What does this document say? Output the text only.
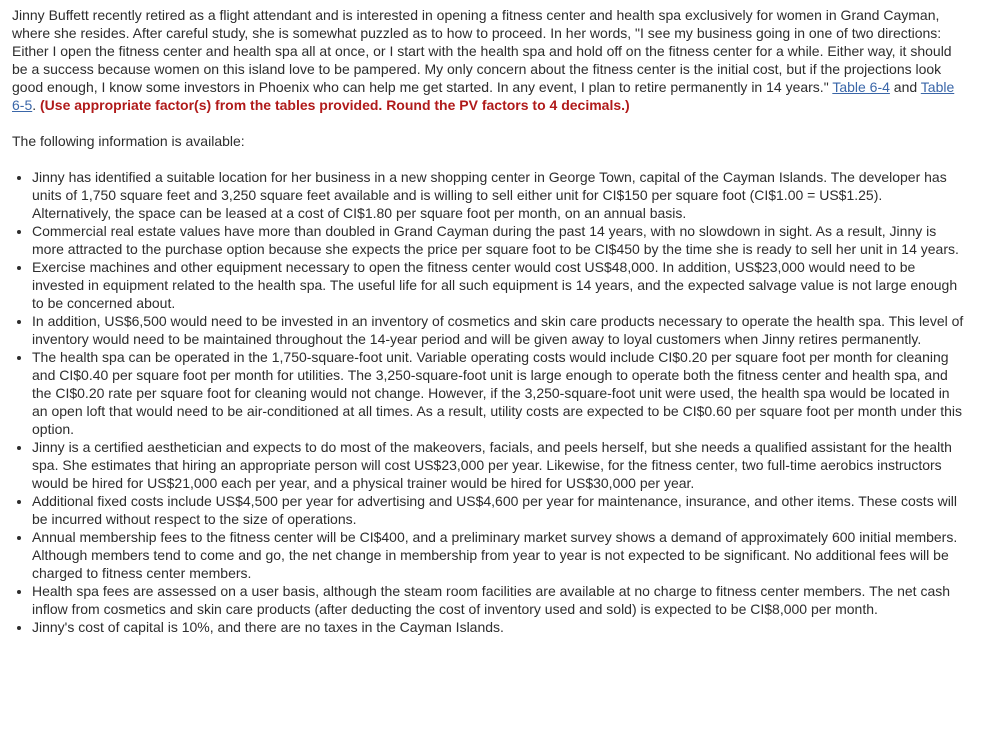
Jinny Buffett recently retired as a flight attendant and is interested in opening a fitness center and health spa exclusively for women in Grand Cayman, where she resides. After careful study, she is somewhat puzzled as to how to proceed. In her words, "I see my business going in one of two directions: Either I open the fitness center and health spa all at once, or I start with the health spa and hold off on the fitness center for a while. Either way, it should be a success because women on this island love to be pampered. My only concern about the fitness center is the initial cost, but if the projections look good enough, I know some investors in Phoenix who can help me get started. In any event, I plan to retire permanently in 14 years." Table 6-4 and Table 6-5. (Use appropriate factor(s) from the tables provided. Round the PV factors to 4 decimals.)

The following information is available:

• Jinny has identified a suitable location for her business in a new shopping center in George Town, capital of the Cayman Islands. The developer has units of 1,750 square feet and 3,250 square feet available and is willing to sell either unit for CI$150 per square foot (CI$1.00 = US$1.25). Alternatively, the space can be leased at a cost of CI$1.80 per square foot per month, on an annual basis.
• Commercial real estate values have more than doubled in Grand Cayman during the past 14 years, with no slowdown in sight. As a result, Jinny is more attracted to the purchase option because she expects the price per square foot to be CI$450 by the time she is ready to sell her unit in 14 years.
• Exercise machines and other equipment necessary to open the fitness center would cost US$48,000. In addition, US$23,000 would need to be invested in equipment related to the health spa. The useful life for all such equipment is 14 years, and the expected salvage value is not large enough to be concerned about.
• In addition, US$6,500 would need to be invested in an inventory of cosmetics and skin care products necessary to operate the health spa. This level of inventory would need to be maintained throughout the 14-year period and will be given away to loyal customers when Jinny retires permanently.
• The health spa can be operated in the 1,750-square-foot unit. Variable operating costs would include CI$0.20 per square foot per month for cleaning and CI$0.40 per square foot per month for utilities. The 3,250-square-foot unit is large enough to operate both the fitness center and health spa, and the CI$0.20 rate per square foot for cleaning would not change. However, if the 3,250-square-foot unit were used, the health spa would be located in an open loft that would need to be air-conditioned at all times. As a result, utility costs are expected to be CI$0.60 per square foot per month under this option.
• Jinny is a certified aesthetician and expects to do most of the makeovers, facials, and peels herself, but she needs a qualified assistant for the health spa. She estimates that hiring an appropriate person will cost US$23,000 per year. Likewise, for the fitness center, two full-time aerobics instructors would be hired for US$21,000 each per year, and a physical trainer would be hired for US$30,000 per year.
• Additional fixed costs include US$4,500 per year for advertising and US$4,600 per year for maintenance, insurance, and other items. These costs will be incurred without respect to the size of operations.
• Annual membership fees to the fitness center will be CI$400, and a preliminary market survey shows a demand of approximately 600 initial members. Although members tend to come and go, the net change in membership from year to year is not expected to be significant. No additional fees will be charged to fitness center members.
• Health spa fees are assessed on a user basis, although the steam room facilities are available at no charge to fitness center members. The net cash inflow from cosmetics and skin care products (after deducting the cost of inventory used and sold) is expected to be CI$8,000 per month.
• Jinny's cost of capital is 10%, and there are no taxes in the Cayman Islands.
